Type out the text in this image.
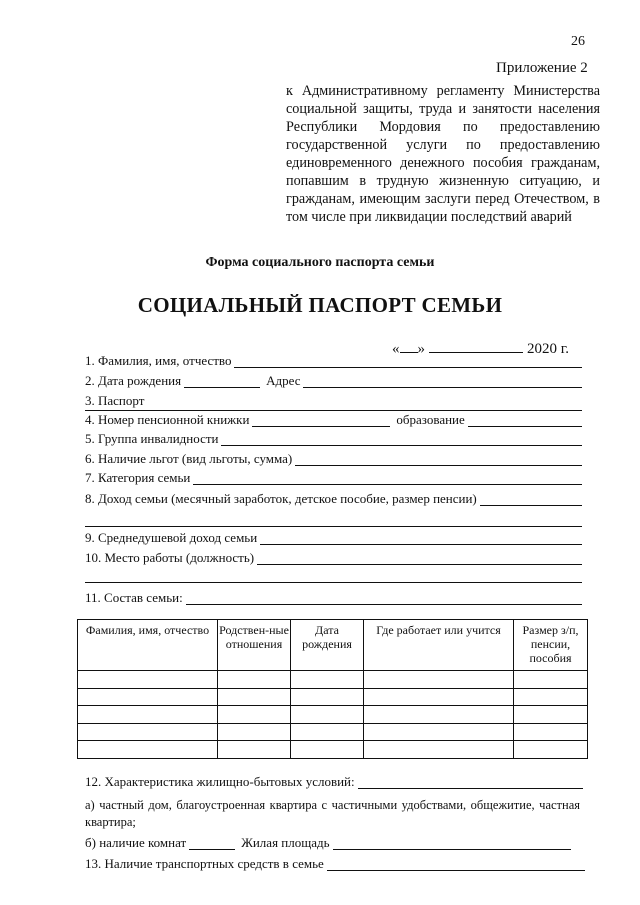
26
Приложение 2
к Административному регламенту Министерства социальной защиты, труда и занятости населения Республики Мордовия по предоставлению государственной услуги по предоставлению единовременного денежного пособия гражданам, попавшим в трудную жизненную ситуацию, и гражданам, имеющим заслуги перед Отечеством, в том числе при ликвидации последствий аварий
Форма социального паспорта семьи
СОЦИАЛЬНЫЙ ПАСПОРТ СЕМЬИ
« »	2020 г.
1. Фамилия, имя, отчество
2. Дата рождения	Адрес
3. Паспорт
4. Номер пенсионной книжки	образование
5. Группа инвалидности
6. Наличие льгот (вид льготы, сумма)
7. Категория семьи
8. Доход семьи (месячный заработок, детское пособие, размер пенсии)
9. Среднедушевой доход семьи
10. Место работы (должность)
11. Состав семьи:
Фамилия, имя, отчество	Родствен-ные отношения	Дата рождения	Где работает или учится	Размер з/п, пенсии, пособия

12. Характеристика жилищно-бытовых условий:
а) частный дом, благоустроенная квартира с частичными удобствами, общежитие, частная квартира;
б) наличие комнат	Жилая площадь
13. Наличие транспортных средств в семье
